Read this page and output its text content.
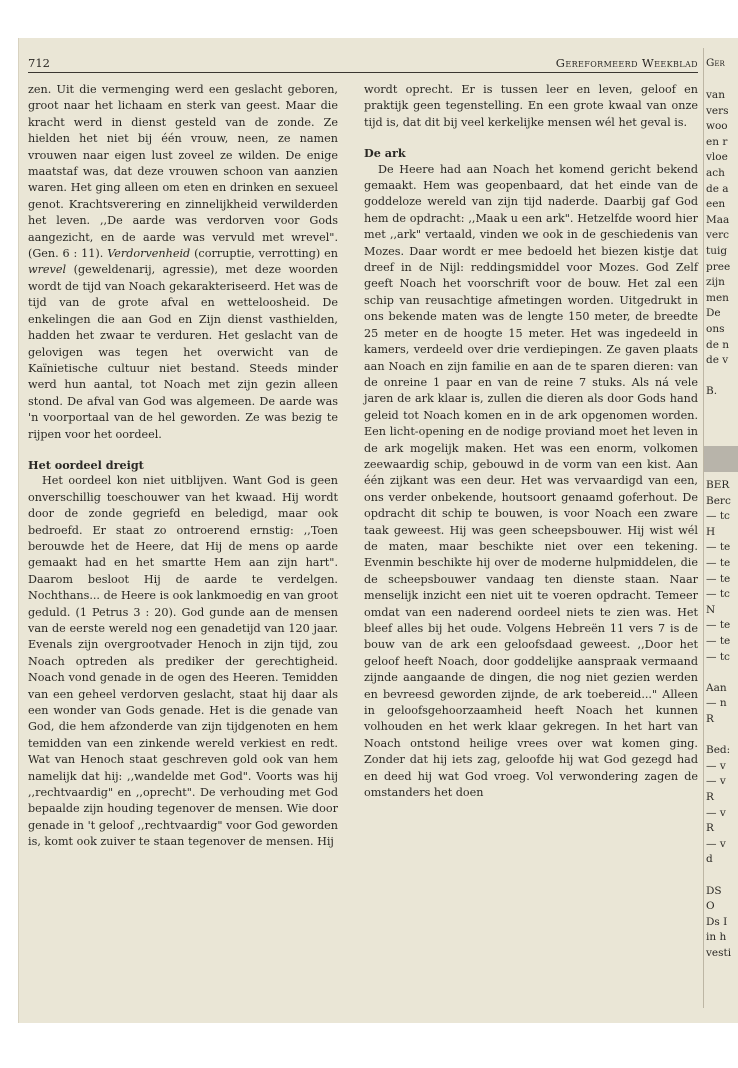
712	Gereformeerd Weekblad

zen. Uit die vermenging werd een geslacht geboren, groot naar het lichaam en sterk van geest. Maar die kracht werd in dienst gesteld van de zonde. Ze hielden het niet bij één vrouw, neen, ze namen vrouwen naar eigen lust zoveel ze wilden. De enige maatstaf was, dat deze vrouwen schoon van aanzien waren. Het ging alleen om eten en drinken en sexueel genot. Krachtsverering en zinnelijkheid verwilderden het leven. ,,De aarde was verdorven voor Gods aangezicht, en de aarde was vervuld met wrevel". (Gen. 6 : 11). Verdorvenheid (corruptie, verrotting) en wrevel (geweldenarij, agressie), met deze woorden wordt de tijd van Noach gekarakteriseerd. Het was de tijd van de grote afval en wetteloosheid. De enkelingen die aan God en Zijn dienst vasthielden, hadden het zwaar te verduren. Het geslacht van de gelovigen was tegen het overwicht van de Kaïnietische cultuur niet bestand. Steeds minder werd hun aantal, tot Noach met zijn gezin alleen stond. De afval van God was algemeen. De aarde was 'n voorportaal van de hel geworden. Ze was bezig te rijpen voor het oordeel.

Het oordeel dreigt

Het oordeel kon niet uitblijven. Want God is geen onverschillig toeschouwer van het kwaad. Hij wordt door de zonde gegriefd en beledigd, maar ook bedroefd. Er staat zo ontroerend ernstig: ,,Toen berouwde het de Heere, dat Hij de mens op aarde gemaakt had en het smartte Hem aan zijn hart". Daarom besloot Hij de aarde te verdelgen. Nochthans... de Heere is ook lankmoedig en van groot geduld. (1 Petrus 3 : 20). God gunde aan de mensen van de eerste wereld nog een genadetijd van 120 jaar. Evenals zijn overgrootvader Henoch in zijn tijd, zou Noach optreden als prediker der gerechtigheid. Noach vond genade in de ogen des Heeren. Temidden van een geheel verdorven geslacht, staat hij daar als een wonder van Gods genade. Het is die genade van God, die hem afzonderde van zijn tijdgenoten en hem temidden van een zinkende wereld verkiest en redt. Wat van Henoch staat geschreven gold ook van hem namelijk dat hij: ,,wandelde met God". Voorts was hij ,,rechtvaardig" en ,,oprecht". De verhouding met God bepaalde zijn houding tegenover de mensen. Wie door genade in 't geloof ,,rechtvaardig" voor God geworden is, komt ook zuiver te staan tegenover de mensen. Hij

wordt oprecht. Er is tussen leer en leven, geloof en praktijk geen tegenstelling. En een grote kwaal van onze tijd is, dat dit bij veel kerkelijke mensen wél het geval is.

De ark

De Heere had aan Noach het komend gericht bekend gemaakt. Hem was geopenbaard, dat het einde van de goddeloze wereld van zijn tijd naderde. Daarbij gaf God hem de opdracht: ,,Maak u een ark". Hetzelfde woord hier met ,,ark" vertaald, vinden we ook in de geschiedenis van Mozes. Daar wordt er mee bedoeld het biezen kistje dat dreef in de Nijl: reddingsmiddel voor Mozes. God Zelf geeft Noach het voorschrift voor de bouw. Het zal een schip van reusachtige afmetingen worden. Uitgedrukt in ons bekende maten was de lengte 150 meter, de breedte 25 meter en de hoogte 15 meter. Het was ingedeeld in kamers, verdeeld over drie verdiepingen. Ze gaven plaats aan Noach en zijn familie en aan de te sparen dieren: van de onreine 1 paar en van de reine 7 stuks. Als ná vele jaren de ark klaar is, zullen die dieren als door Gods hand geleid tot Noach komen en in de ark opgenomen worden. Een licht-opening en de nodige proviand moet het leven in de ark mogelijk maken. Het was een enorm, volkomen zeewaardig schip, gebouwd in de vorm van een kist. Aan één zijkant was een deur. Het was vervaardigd van een, ons verder onbekende, houtsoort genaamd goferhout. De opdracht dit schip te bouwen, is voor Noach een zware taak geweest. Hij was geen scheepsbouwer. Hij wist wél de maten, maar beschikte niet over een tekening. Evenmin beschikte hij over de moderne hulpmiddelen, die de scheepsbouwer vandaag ten dienste staan. Naar menselijk inzicht een niet uit te voeren opdracht. Temeer omdat van een naderend oordeel niets te zien was. Het bleef alles bij het oude. Volgens Hebreën 11 vers 7 is de bouw van de ark een geloofsdaad geweest. ,,Door het geloof heeft Noach, door goddelijke aanspraak vermaand zijnde aangaande de dingen, die nog niet gezien werden en bevreesd geworden zijnde, de ark toebereid..." Alleen in geloofsgehoorzaamheid heeft Noach het kunnen volhouden en het werk klaar gekregen. In het hart van Noach ontstond heilige vrees over wat komen ging. Zonder dat hij iets zag, geloofde hij wat God gezegd had en deed hij wat God vroeg. Vol verwondering zagen de omstanders het doen

Ger
van
vers
woo
en r
vloe
ach
de a
een
Maa
verc
tuig
pree
zijn
men
De
ons
de n
de v
B.
BER
Berc
— tc
H
— te
— te
— te
— tc
N
— te
— te
— tc
Aan
— n
R
Bed:
— v
— v
R
— v
R
— v
d
DS
O
Ds I
in h
vesti
